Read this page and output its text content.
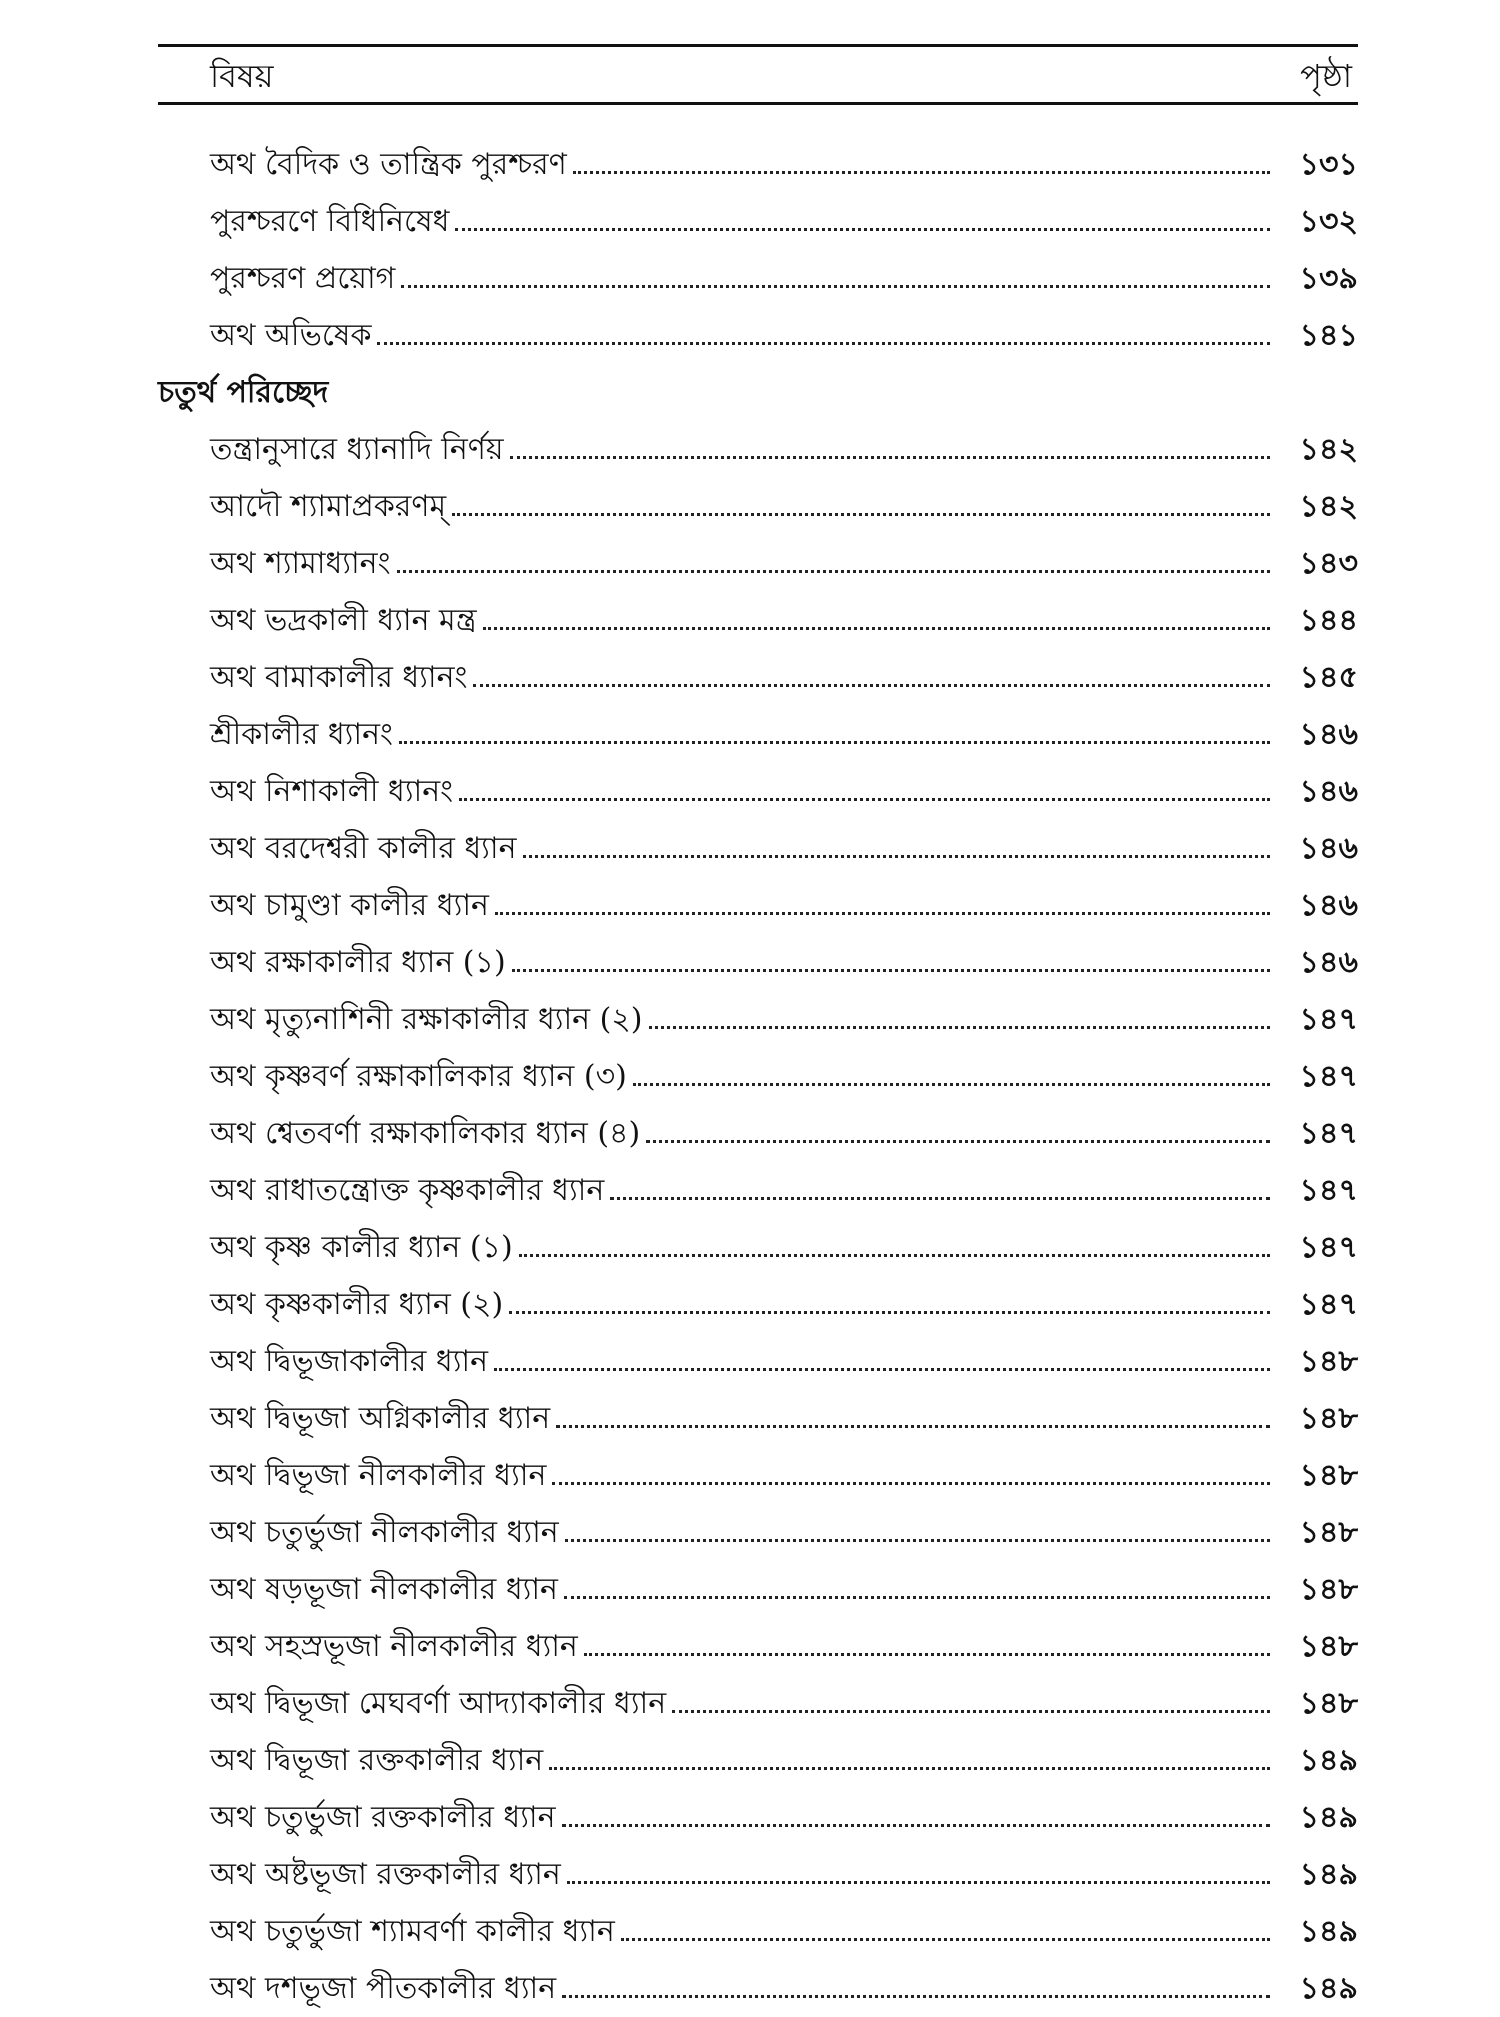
বিষয়	পৃষ্ঠা
অথ বৈদিক ও তান্ত্রিক পুরশ্চরণ	১৩১
পুরশ্চরণে বিধিনিষেধ	১৩২
পুরশ্চরণ প্রয়োগ	১৩৯
অথ অভিষেক	১৪১
চতুর্থ পরিচ্ছেদ
তন্ত্রানুসারে ধ্যানাদি নির্ণয়	১৪২
আদৌ শ্যামাপ্রকরণম্	১৪২
অথ শ্যামাধ্যানং	১৪৩
অথ ভদ্রকালী ধ্যান মন্ত্র	১৪৪
অথ বামাকালীর ধ্যানং	১৪৫
শ্রীকালীর ধ্যানং	১৪৬
অথ নিশাকালী ধ্যানং	১৪৬
অথ বরদেশ্বরী কালীর ধ্যান	১৪৬
অথ চামুণ্ডা কালীর ধ্যান	১৪৬
অথ রক্ষাকালীর ধ্যান (১)	১৪৬
অথ মৃত্যুনাশিনী রক্ষাকালীর ধ্যান (২)	১৪৭
অথ কৃষ্ণবর্ণ রক্ষাকালিকার ধ্যান (৩)	১৪৭
অথ শ্বেতবর্ণা রক্ষাকালিকার ধ্যান (৪)	১৪৭
অথ রাধাতন্ত্রোক্ত কৃষ্ণকালীর ধ্যান	১৪৭
অথ কৃষ্ণ কালীর ধ্যান (১)	১৪৭
অথ কৃষ্ণকালীর ধ্যান (২)	১৪৭
অথ দ্বিভূজাকালীর ধ্যান	১৪৮
অথ দ্বিভূজা অগ্নিকালীর ধ্যান	১৪৮
অথ দ্বিভূজা নীলকালীর ধ্যান	১৪৮
অথ চতুর্ভুজা নীলকালীর ধ্যান	১৪৮
অথ ষড়ভূজা নীলকালীর ধ্যান	১৪৮
অথ সহস্রভূজা নীলকালীর ধ্যান	১৪৮
অথ দ্বিভূজা মেঘবর্ণা আদ্যাকালীর ধ্যান	১৪৮
অথ দ্বিভূজা রক্তকালীর ধ্যান	১৪৯
অথ চতুর্ভুজা রক্তকালীর ধ্যান	১৪৯
অথ অষ্টভূজা রক্তকালীর ধ্যান	১৪৯
অথ চতুর্ভুজা শ্যামবর্ণা কালীর ধ্যান	১৪৯
অথ দশভূজা পীতকালীর ধ্যান	১৪৯
